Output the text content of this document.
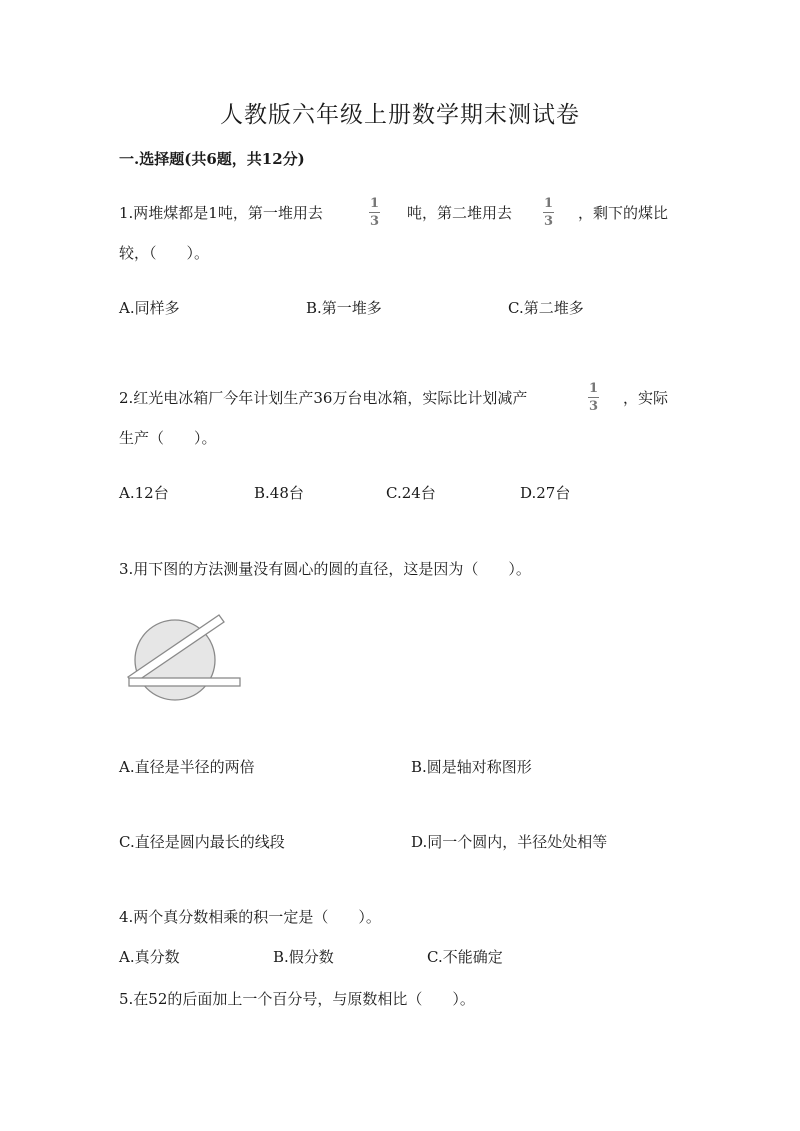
人教版六年级上册数学期末测试卷
一.选择题(共6题，共12分)
1.两堆煤都是1吨，第一堆用去
1
3 吨，第二堆用去
1
3 ，剩下的煤比
较，（　　）。
A.同样多	B.第一堆多	C.第二堆多
2.红光电冰箱厂今年计划生产36万台电冰箱，实际比计划减产
1
3 ，实际
生产（　　）。
A.12台	B.48台	C.24台	D.27台
3.用下图的方法测量没有圆心的圆的直径，这是因为（　　）。
A.直径是半径的两倍	B.圆是轴对称图形
C.直径是圆内最长的线段	D.同一个圆内，半径处处相等
4.两个真分数相乘的积一定是（　　）。
A.真分数	B.假分数	C.不能确定
5.在52的后面加上一个百分号，与原数相比（　　）。
